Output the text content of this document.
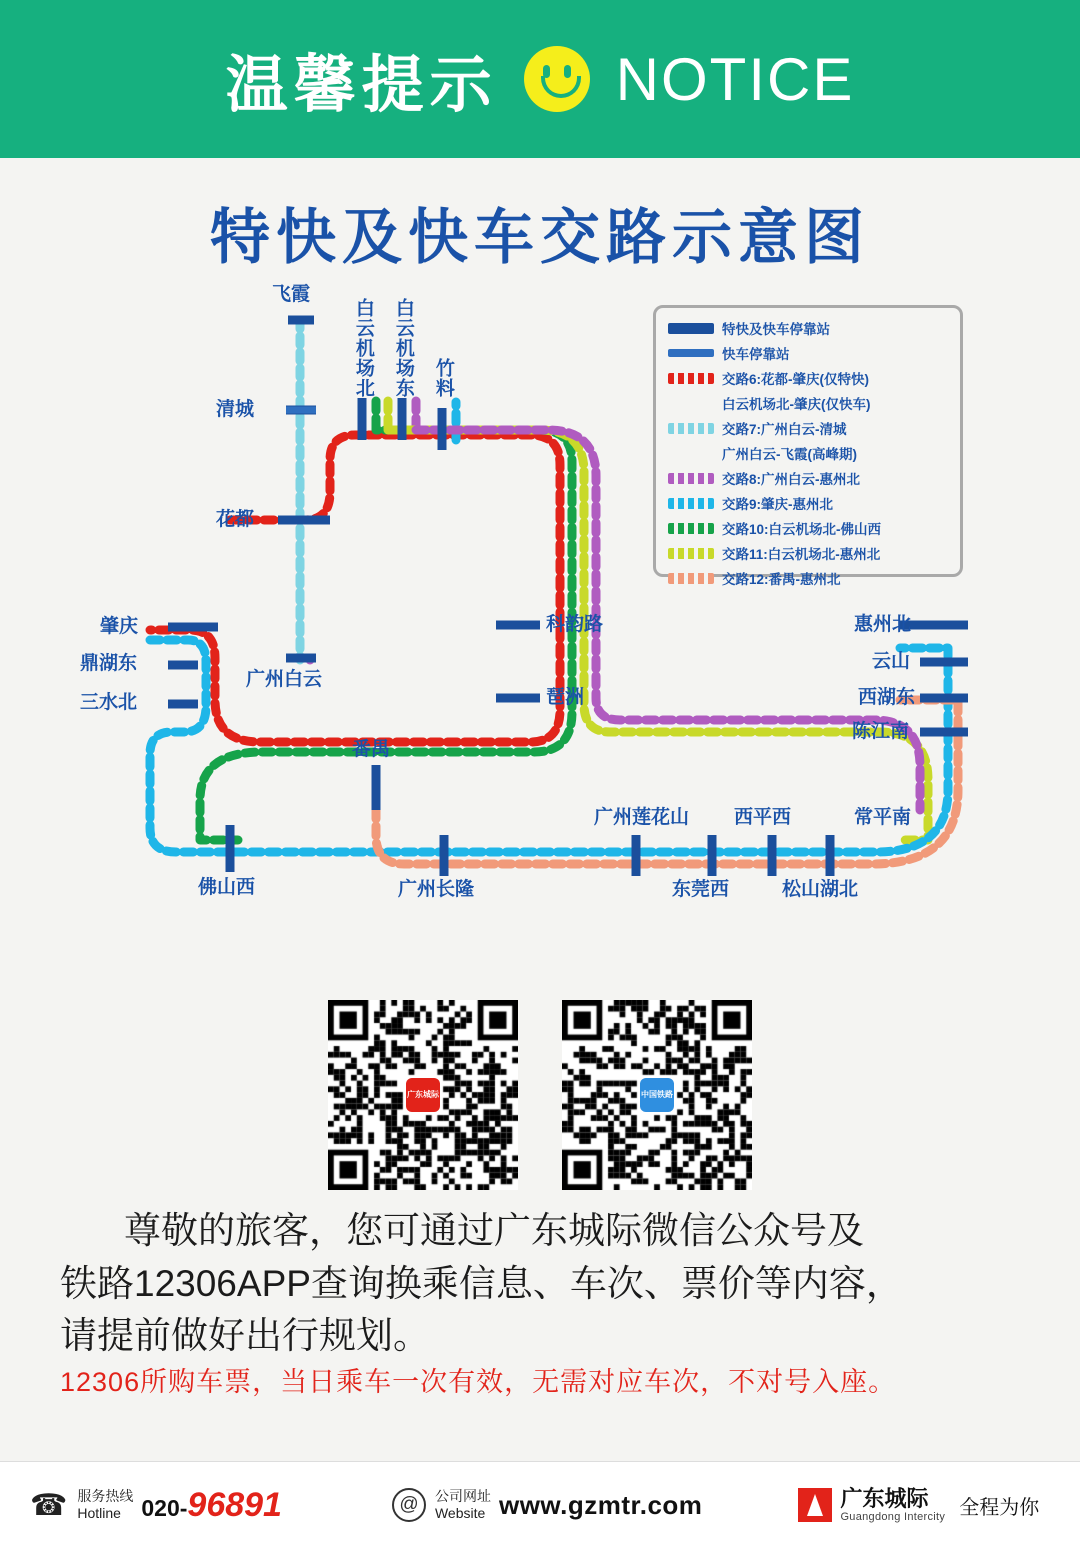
温馨提示 NOTICE
特快及快车交路示意图
飞霞
清城
花都
白云机场北 白云机场东 竹料
广州白云
科韵路
琶洲
肇庆
鼎湖东
三水北
佛山西
番禺
广州长隆
广州莲花山 西平西	常平南
东莞西	松山湖北
惠州北
云山
西湖东
陈江南
特快及快车停靠站
快车停靠站
交路6:花都-肇庆(仅特快)
白云机场北-肇庆(仅快车)
交路7:广州白云-清城
广州白云-飞霞(高峰期)
交路8:广州白云-惠州北
交路9:肇庆-惠州北
交路10:白云机场北-佛山西
交路11:白云机场北-惠州北
交路12:番禺-惠州北
广东城际	中国铁路
尊敬的旅客，您可通过广东城际微信公众号及
铁路12306APP查询换乘信息、车次、票价等内容，
请提前做好出行规划。
12306所购车票，当日乘车一次有效，无需对应车次，不对号入座。
☎ 服务热线
Hotline 020-96891	@	公司网址
Website www.gzmtr.com	广东城际
Guangdong Intercity 全程为你
